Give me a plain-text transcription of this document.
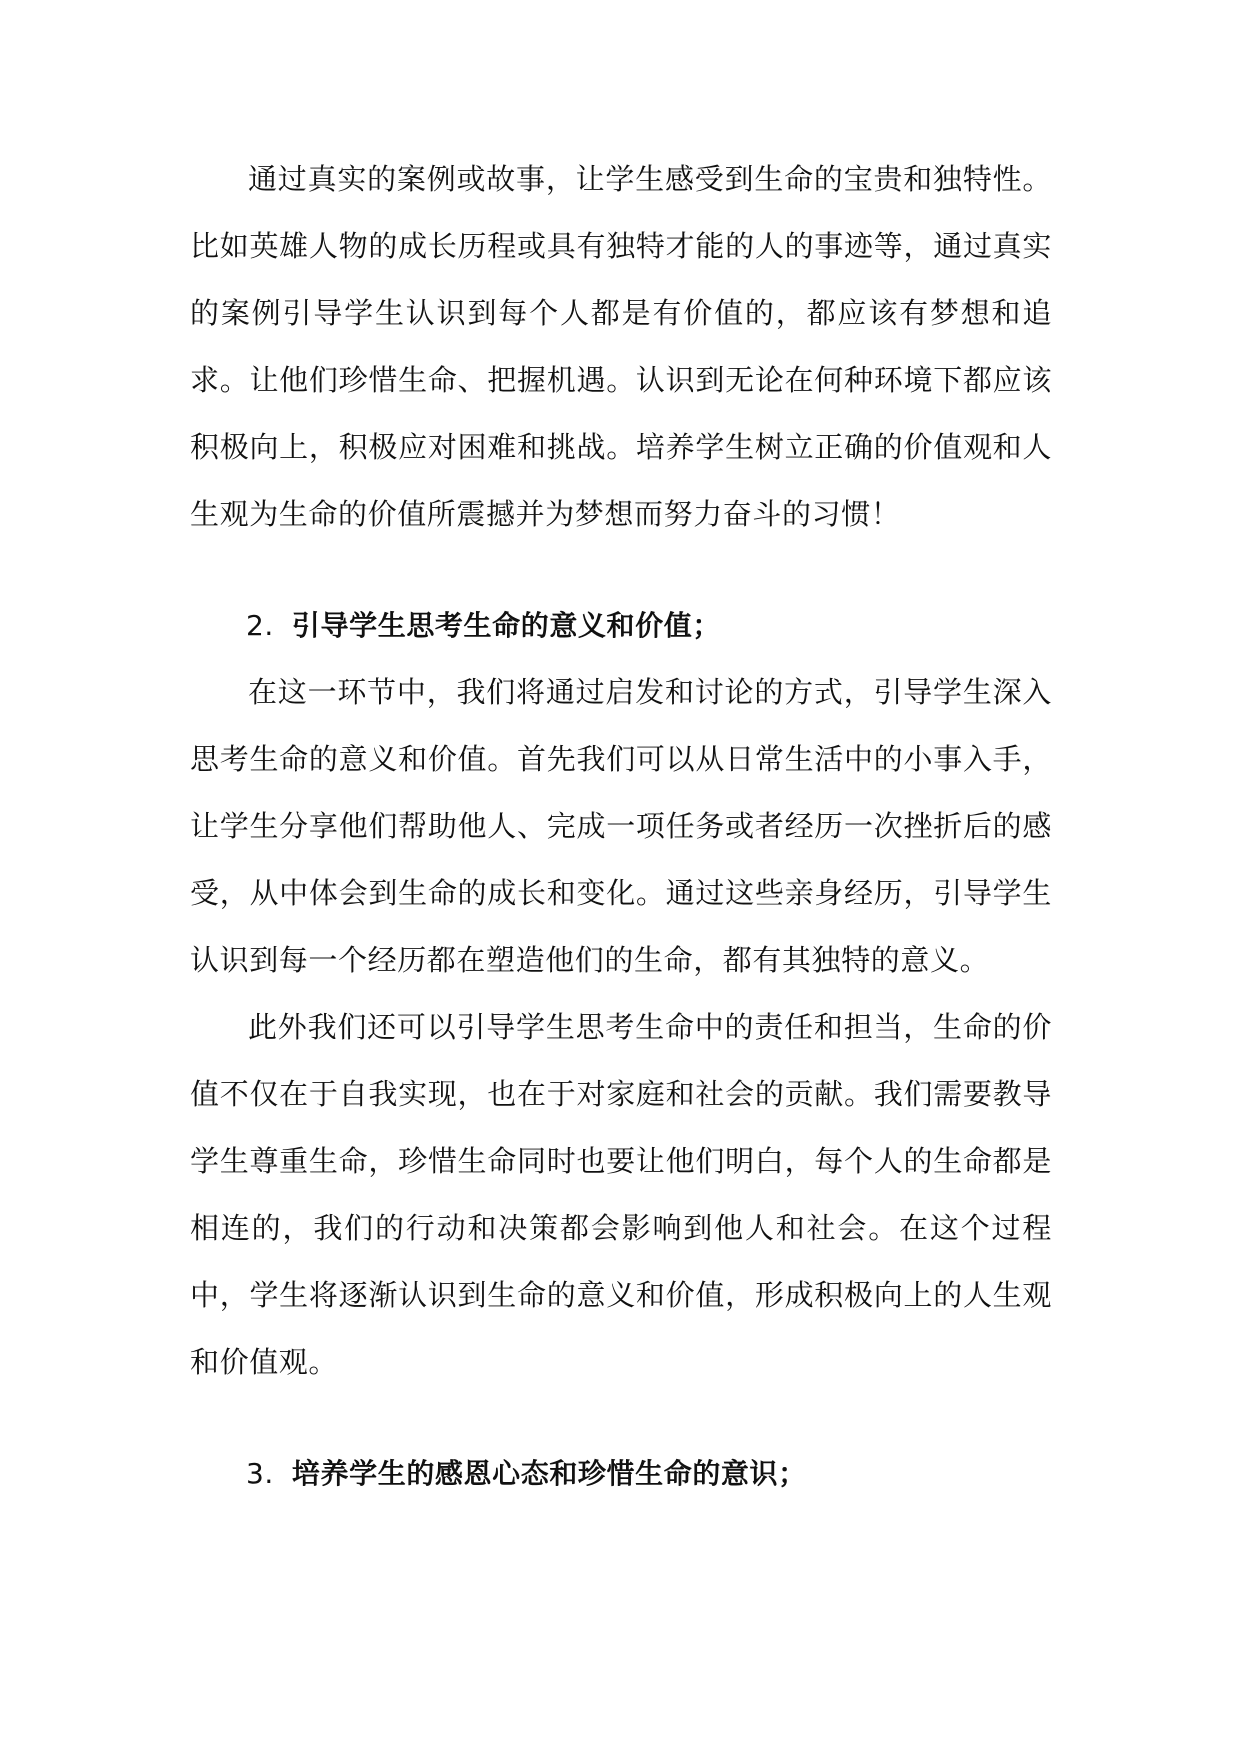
通过真实的案例或故事，让学生感受到生命的宝贵和独特性。比如英雄人物的成长历程或具有独特才能的人的事迹等，通过真实的案例引导学生认识到每个人都是有价值的，都应该有梦想和追求。让他们珍惜生命、把握机遇。认识到无论在何种环境下都应该积极向上，积极应对困难和挑战。培养学生树立正确的价值观和人生观为生命的价值所震撼并为梦想而努力奋斗的习惯！

2. 引导学生思考生命的意义和价值；

在这一环节中，我们将通过启发和讨论的方式，引导学生深入思考生命的意义和价值。首先我们可以从日常生活中的小事入手，让学生分享他们帮助他人、完成一项任务或者经历一次挫折后的感受，从中体会到生命的成长和变化。通过这些亲身经历，引导学生认识到每一个经历都在塑造他们的生命，都有其独特的意义。

此外我们还可以引导学生思考生命中的责任和担当，生命的价值不仅在于自我实现，也在于对家庭和社会的贡献。我们需要教导学生尊重生命，珍惜生命同时也要让他们明白，每个人的生命都是相连的，我们的行动和决策都会影响到他人和社会。在这个过程中，学生将逐渐认识到生命的意义和价值，形成积极向上的人生观和价值观。

3. 培养学生的感恩心态和珍惜生命的意识；
